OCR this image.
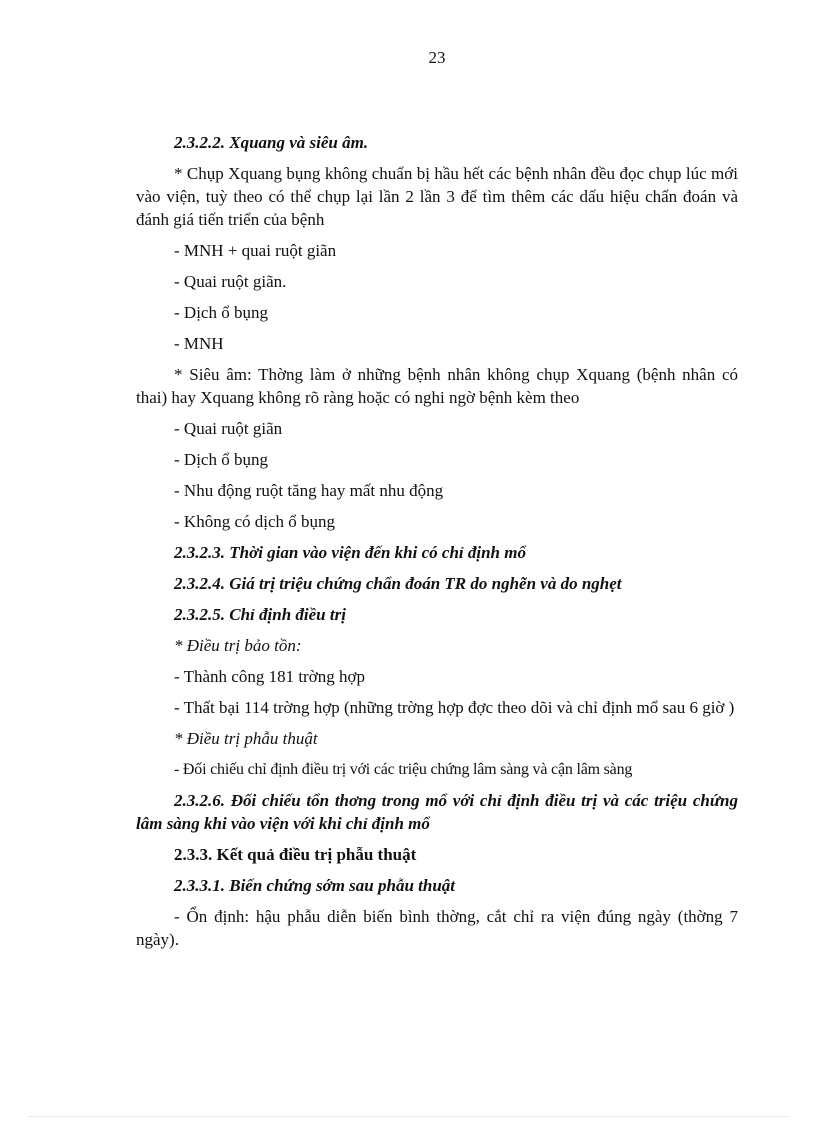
23

2.3.2.2. Xquang và siêu âm.

* Chụp Xquang bụng không chuẩn bị hầu hết các bệnh nhân đều đọc chụp lúc mới vào viện, tuỳ theo có thể chụp lại lần 2 lần 3 để tìm thêm các dấu hiệu chẩn đoán và đánh giá tiến triển của bệnh

- MNH + quai ruột giãn

- Quai ruột giãn.

- Dịch ổ bụng

- MNH

* Siêu âm: Thờng làm ở những bệnh nhân không chụp Xquang (bệnh nhân có thai) hay Xquang không rõ ràng hoặc có nghi ngờ bệnh kèm theo

- Quai ruột giãn

- Dịch ổ bụng

- Nhu động ruột tăng hay mất nhu động

- Không có dịch ổ bụng

2.3.2.3. Thời gian vào viện đến khi có chỉ định mổ

2.3.2.4. Giá trị triệu chứng chẩn đoán TR do nghẽn và do nghẹt

2.3.2.5. Chỉ định điều trị

* Điều trị bảo tồn:

- Thành công 181 trờng hợp

- Thất bại 114 trờng hợp (những trờng hợp đợc theo dõi và chỉ định mổ sau 6 giờ )

* Điều trị phẫu thuật

- Đối chiếu chỉ định điều trị với các triệu chứng lâm sàng và cận lâm sàng

2.3.2.6. Đối chiếu tổn thơng trong mổ với chỉ định điều trị và các triệu chứng lâm sàng khi vào viện với khi chỉ định mổ

2.3.3. Kết quả điều trị phẫu thuật

2.3.3.1. Biến chứng sớm sau phẫu thuật

- Ổn định: hậu phẫu diễn biến bình thờng, cắt chỉ ra viện đúng ngày (thờng 7 ngày).
